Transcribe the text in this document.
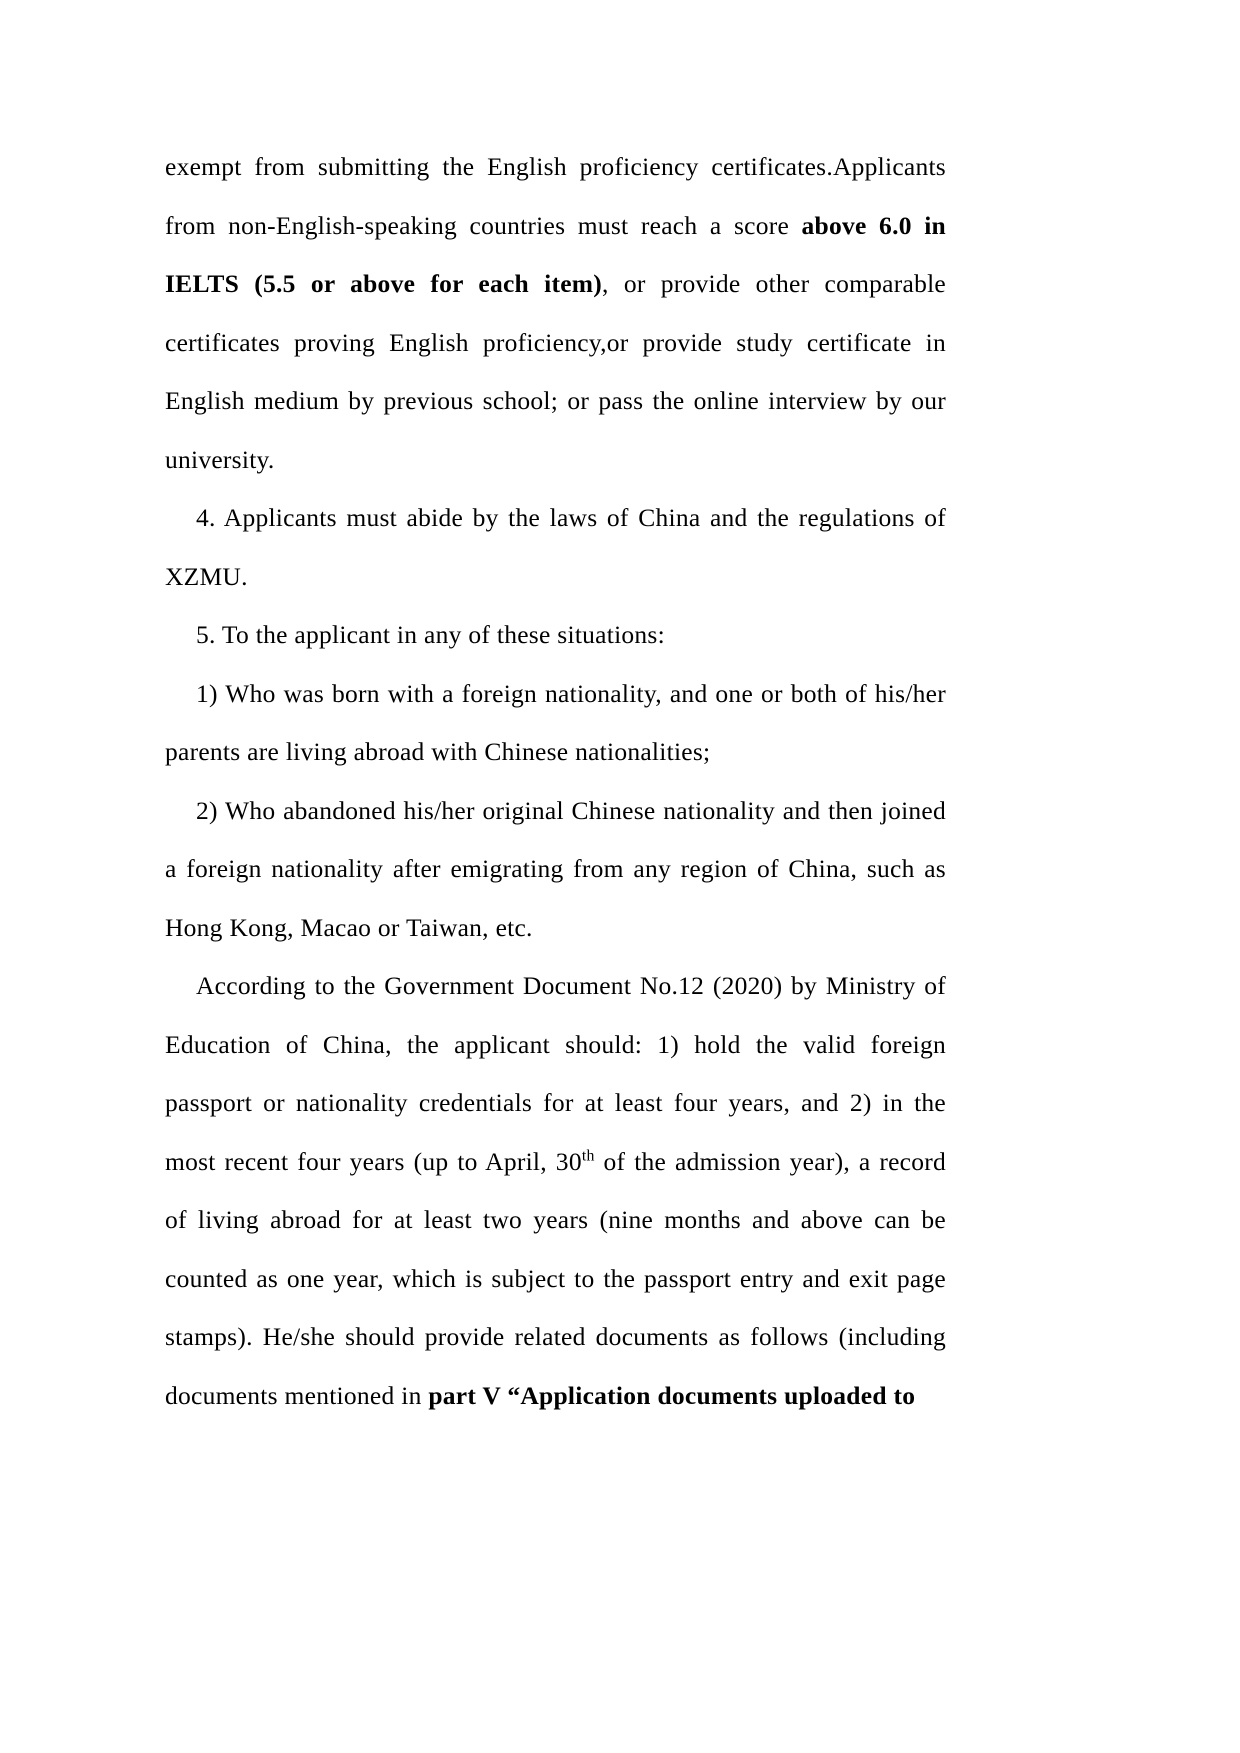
exempt from submitting the English proficiency certificates.Applicants from non-English-speaking countries must reach a score above 6.0 in IELTS (5.5 or above for each item), or provide other comparable certificates proving English proficiency,or provide study certificate in English medium by previous school; or pass the online interview by our university.

4. Applicants must abide by the laws of China and the regulations of XZMU.

5. To the applicant in any of these situations:

1) Who was born with a foreign nationality, and one or both of his/her parents are living abroad with Chinese nationalities;

2) Who abandoned his/her original Chinese nationality and then joined a foreign nationality after emigrating from any region of China, such as Hong Kong, Macao or Taiwan, etc.

According to the Government Document No.12 (2020) by Ministry of Education of China, the applicant should: 1) hold the valid foreign passport or nationality credentials for at least four years, and 2) in the most recent four years (up to April, 30th of the admission year), a record of living abroad for at least two years (nine months and above can be counted as one year, which is subject to the passport entry and exit page stamps). He/she should provide related documents as follows (including documents mentioned in part V “Application documents uploaded to
